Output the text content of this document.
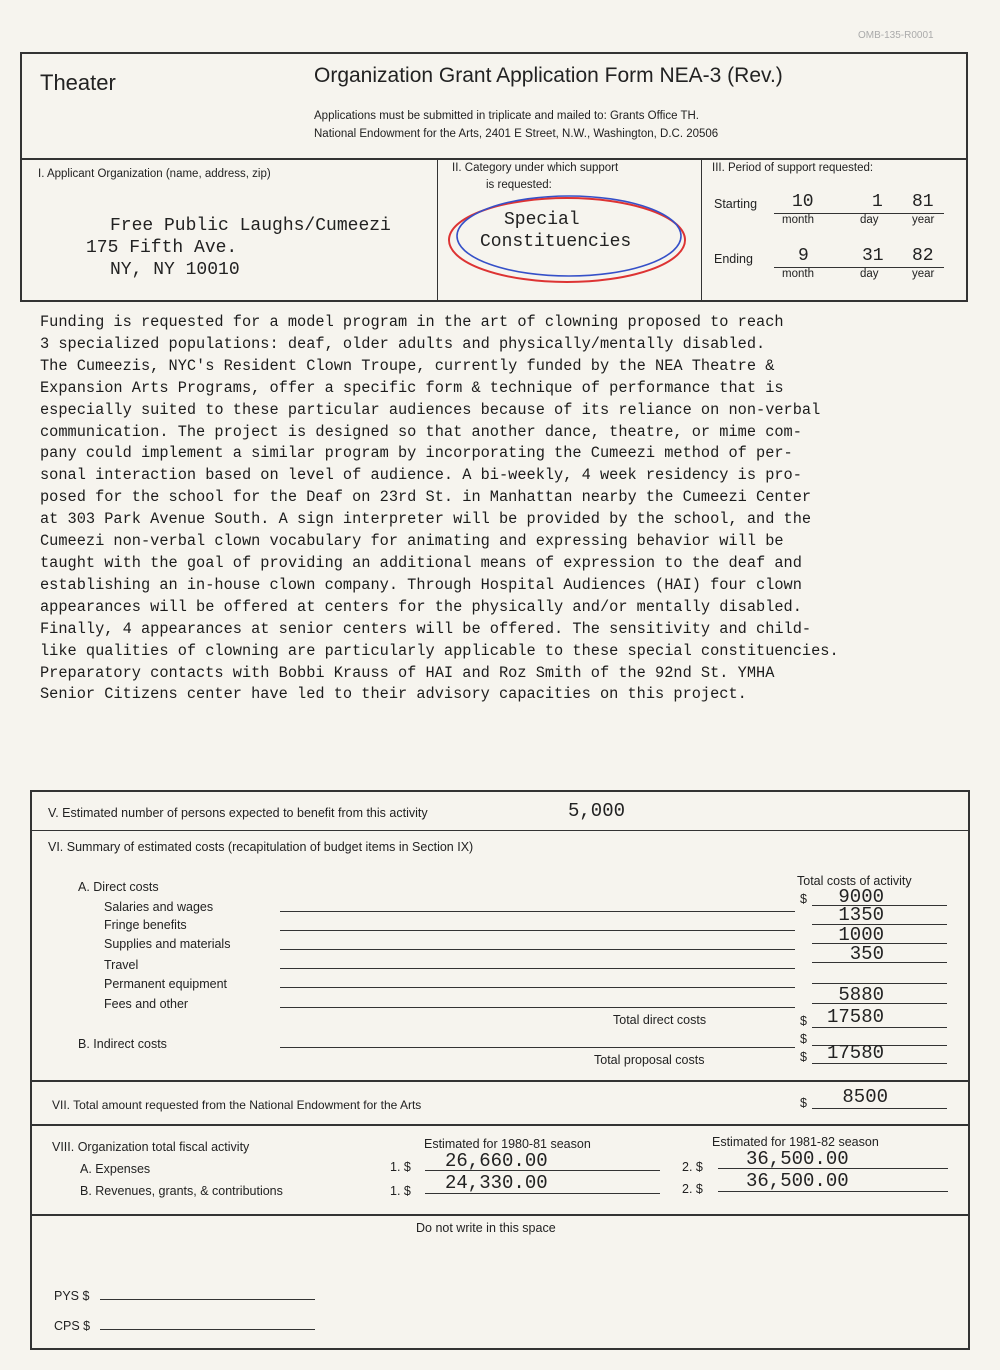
OMB-135-R0001
Theater	Organization Grant Application Form NEA-3 (Rev.)
Applications must be submitted in triplicate and mailed to: Grants Office TH.
National Endowment for the Arts, 2401 E Street, N.W., Washington, D.C. 20506
I. Applicant Organization (name, address, zip)
Free Public Laughs/Cumeezi
175 Fifth Ave.
NY, NY 10010
II. Category under which support
is requested:
Special
Constituencies
III. Period of support requested:
Starting 10	1 81
month	day	year
Ending	9	31 82
month	day	year
Funding is requested for a model program in the art of clowning proposed to reach
3 specialized populations: deaf, older adults and physically/mentally disabled.
The Cumeezis, NYC's Resident Clown Troupe, currently funded by the NEA Theatre &
Expansion Arts Programs, offer a specific form & technique of performance that is
especially suited to these particular audiences because of its reliance on non-verbal
communication. The project is designed so that another dance, theatre, or mime com-
pany could implement a similar program by incorporating the Cumeezi method of per-
sonal interaction based on level of audience. A bi-weekly, 4 week residency is pro-
posed for the school for the Deaf on 23rd St. in Manhattan nearby the Cumeezi Center
at 303 Park Avenue South. A sign interpreter will be provided by the school, and the
Cumeezi non-verbal clown vocabulary for animating and expressing behavior will be
taught with the goal of providing an additional means of expression to the deaf and
establishing an in-house clown company. Through Hospital Audiences (HAI) four clown
appearances will be offered at centers for the physically and/or mentally disabled.
Finally, 4 appearances at senior centers will be offered. The sensitivity and child-
like qualities of clowning are particularly applicable to these special constituencies.
Preparatory contacts with Bobbi Krauss of HAI and Roz Smith of the 92nd St. YMHA
Senior Citizens center have led to their advisory capacities on this project.
V. Estimated number of persons expected to benefit from this activity	5,000
VI. Summary of estimated costs (recapitulation of budget items in Section IX)
Total costs of activity
A. Direct costs
$
Salaries and wages	9000
Fringe benefits	1350
Supplies and materials	1000
Travel	350
Permanent equipment
Fees and other	5880
Total direct costs	$	17580
B. Indirect costs	$
Total proposal costs	$	17580
VII. Total amount requested from the National Endowment for the Arts	$	8500
VIII. Organization total fiscal activity	Estimated for 1980-81 season	Estimated for 1981-82 season
A. Expenses	1. $ 26,660.00	2. $ 36,500.00
B. Revenues, grants, & contributions	1. $ 24,330.00	2. $ 36,500.00
Do not write in this space
PYS $
CPS $
